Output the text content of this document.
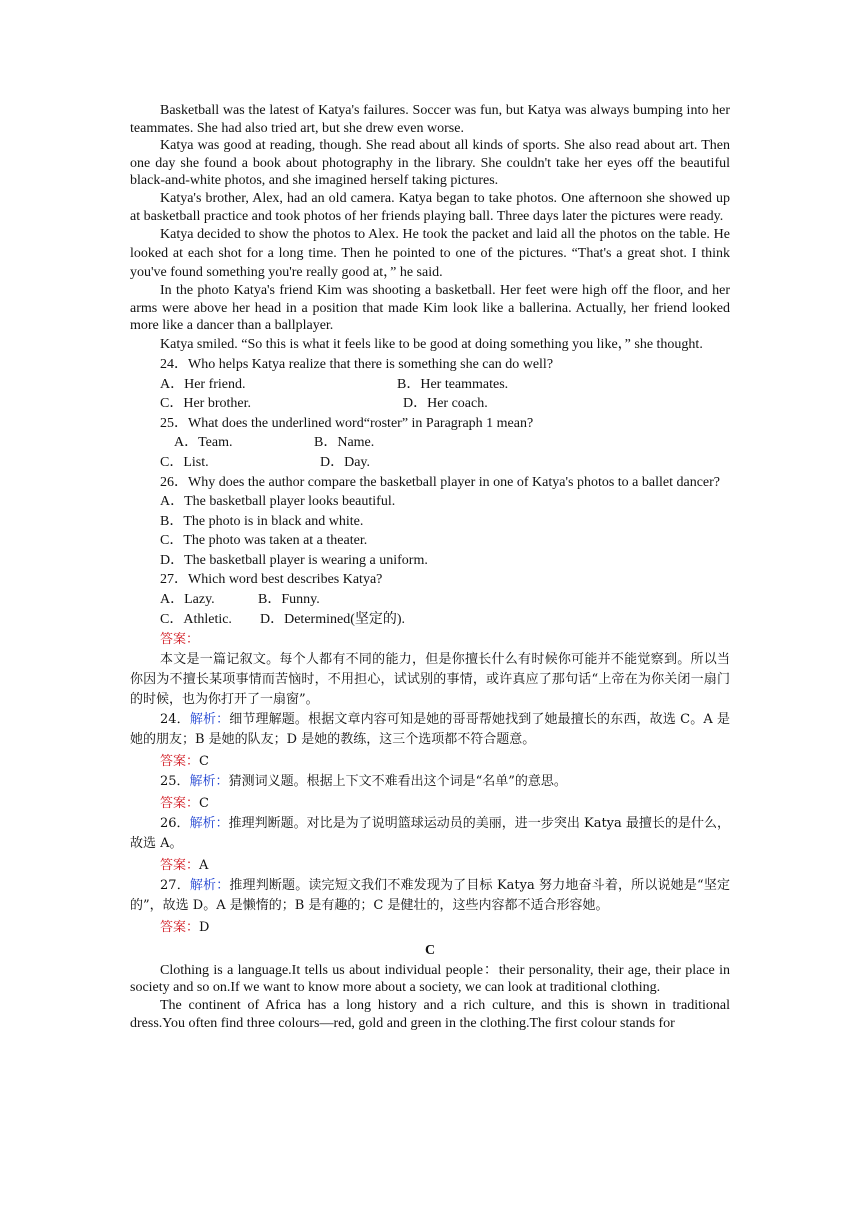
Basketball was the latest of Katya's failures. Soccer was fun, but Katya was always bumping into her teammates. She had also tried art, but she drew even worse.

Katya was good at reading, though. She read about all kinds of sports. She also read about art. Then one day she found a book about photography in the library. She couldn't take her eyes off the beautiful black-and-white photos, and she imagined herself taking pictures.

Katya's brother, Alex, had an old camera. Katya began to take photos. One afternoon she showed up at basketball practice and took photos of her friends playing ball. Three days later the pictures were ready.

Katya decided to show the photos to Alex. He took the packet and laid all the photos on the table. He looked at each shot for a long time. Then he pointed to one of the pictures. “That's a great shot. I think you've found something you're really good at，” he said.

In the photo Katya's friend Kim was shooting a basketball. Her feet were high off the floor, and her arms were above her head in a position that made Kim look like a ballerina. Actually, her friend looked more like a dancer than a ballplayer.

Katya smiled. “So this is what it feels like to be good at doing something you like，” she thought.

24．Who helps Katya realize that there is something she can do well?

A．Her friend.	B．Her teammates.

C．Her brother.	D．Her coach.

25．What does the underlined word“roster” in Paragraph 1 mean?

A．Team.	B．Name.

C．List.	D．Day.

26．Why does the author compare the basketball player in one of Katya's photos to a ballet dancer?

A．The basketball player looks beautiful.

B．The photo is in black and white.

C．The photo was taken at a theater.

D．The basketball player is wearing a uniform.

27．Which word best describes Katya?

A．Lazy.	B．Funny.

C．Athletic. D．Determined(坚定的).

答案：

本文是一篇记叙文。每个人都有不同的能力，但是你擅长什么有时候你可能并不能觉察到。所以当你因为不擅长某项事情而苦恼时，不用担心，试试别的事情，或许真应了那句话“上帝在为你关闭一扇门的时候，也为你打开了一扇窗”。

24．解析：细节理解题。根据文章内容可知是她的哥哥帮她找到了她最擅长的东西，故选 C。A 是她的朋友；B 是她的队友；D 是她的教练，这三个选项都不符合题意。

答案：C

25．解析：猜测词义题。根据上下文不难看出这个词是“名单”的意思。

答案：C

26．解析：推理判断题。对比是为了说明篮球运动员的美丽，进一步突出 Katya 最擅长的是什么，故选 A。

答案：A

27．解析：推理判断题。读完短文我们不难发现为了目标 Katya 努力地奋斗着，所以说她是“坚定的”，故选 D。A 是懒惰的；B 是有趣的；C 是健壮的，这些内容都不适合形容她。

答案：D

C

Clothing is a language.It tells us about individual people：their personality, their age, their place in society and so on.If we want to know more about a society, we can look at traditional clothing.

The continent of Africa has a long history and a rich culture, and this is shown in traditional dress.You often find three colours—red, gold and green in the clothing.The first colour stands for
